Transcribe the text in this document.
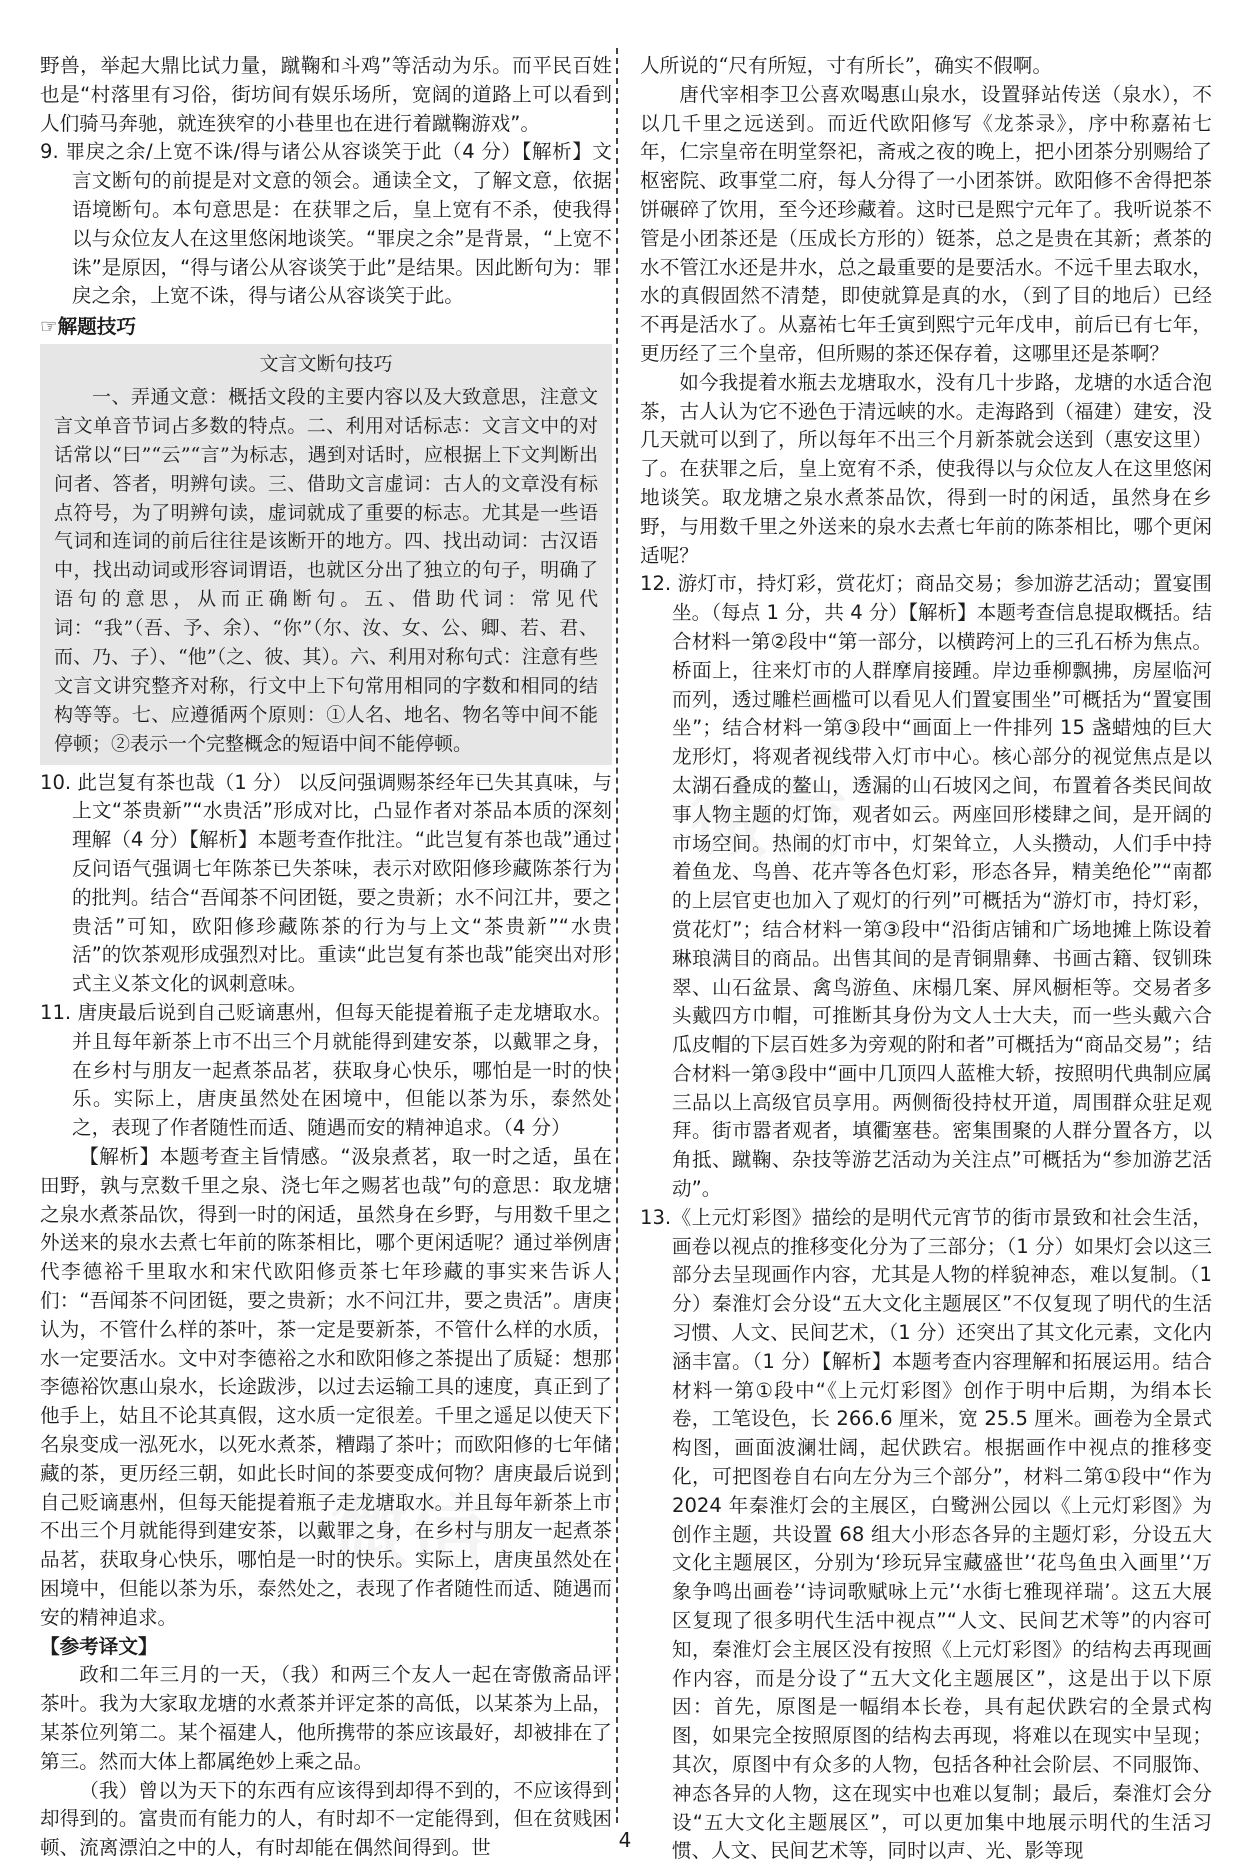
微信
微信

野兽，举起大鼎比试力量，蹴鞠和斗鸡”等活动为乐。而平民百姓也是“村落里有习俗，街坊间有娱乐场所，宽阔的道路上可以看到人们骑马奔驰，就连狭窄的小巷里也在进行着蹴鞠游戏”。

9. 罪戾之余/上宽不诛/得与诸公从容谈笑于此（4 分）【解析】文言文断句的前提是对文意的领会。通读全文，了解文意，依据语境断句。本句意思是：在获罪之后，皇上宽有不杀，使我得以与众位友人在这里悠闲地谈笑。“罪戾之余”是背景，“上宽不诛”是原因，“得与诸公从容谈笑于此”是结果。因此断句为：罪戾之余，上宽不诛，得与诸公从容谈笑于此。

☞解题技巧
文言文断句技巧

一、弄通文意：概括文段的主要内容以及大致意思，注意文言文单音节词占多数的特点。二、利用对话标志：文言文中的对话常以“曰”“云”“言”为标志，遇到对话时，应根据上下文判断出问者、答者，明辨句读。三、借助文言虚词：古人的文章没有标点符号，为了明辨句读，虚词就成了重要的标志。尤其是一些语气词和连词的前后往往是该断开的地方。四、找出动词：古汉语中，找出动词或形容词谓语，也就区分出了独立的句子，明确了语句的意思，从而正确断句。五、借助代词：常见代词：“我”（吾、予、余）、“你”（尔、汝、女、公、卿、若、君、而、乃、子）、“他”（之、彼、其）。六、利用对称句式：注意有些文言文讲究整齐对称，行文中上下句常用相同的字数和相同的结构等等。七、应遵循两个原则：①人名、地名、物名等中间不能停顿；②表示一个完整概念的短语中间不能停顿。

10. 此岂复有茶也哉（1 分） 以反问强调赐茶经年已失其真味，与上文“茶贵新”“水贵活”形成对比，凸显作者对茶品本质的深刻理解（4 分）【解析】本题考查作批注。“此岂复有茶也哉”通过反问语气强调七年陈茶已失茶味，表示对欧阳修珍藏陈茶行为的批判。结合“吾闻茶不问团铤，要之贵新；水不问江井，要之贵活”可知，欧阳修珍藏陈茶的行为与上文“茶贵新”“水贵活”的饮茶观形成强烈对比。重读“此岂复有茶也哉”能突出对形式主义茶文化的讽刺意味。

11. 唐庚最后说到自己贬谪惠州，但每天能提着瓶子走龙塘取水。并且每年新茶上市不出三个月就能得到建安茶，以戴罪之身，在乡村与朋友一起煮茶品茗，获取身心快乐，哪怕是一时的快乐。实际上，唐庚虽然处在困境中，但能以茶为乐，泰然处之，表现了作者随性而适、随遇而安的精神追求。（4 分）

【解析】本题考查主旨情感。“汲泉煮茗，取一时之适，虽在田野，孰与烹数千里之泉、浇七年之赐茗也哉”句的意思：取龙塘之泉水煮茶品饮，得到一时的闲适，虽然身在乡野，与用数千里之外送来的泉水去煮七年前的陈茶相比，哪个更闲适呢？通过举例唐代李德裕千里取水和宋代欧阳修贡茶七年珍藏的事实来告诉人们：“吾闻茶不问团铤，要之贵新；水不问江井，要之贵活”。唐庚认为，不管什么样的茶叶，茶一定是要新茶，不管什么样的水质，水一定要活水。文中对李德裕之水和欧阳修之茶提出了质疑：想那李德裕饮惠山泉水，长途跋涉，以过去运输工具的速度，真正到了他手上，姑且不论其真假，这水质一定很差。千里之遥足以使天下名泉变成一泓死水，以死水煮茶，糟蹋了茶叶；而欧阳修的七年储藏的茶，更历经三朝，如此长时间的茶要变成何物？唐庚最后说到自己贬谪惠州，但每天能提着瓶子走龙塘取水。并且每年新茶上市不出三个月就能得到建安茶，以戴罪之身，在乡村与朋友一起煮茶品茗，获取身心快乐，哪怕是一时的快乐。实际上，唐庚虽然处在困境中，但能以茶为乐，泰然处之，表现了作者随性而适、随遇而安的精神追求。

【参考译文】

政和二年三月的一天，（我）和两三个友人一起在寄傲斋品评茶叶。我为大家取龙塘的水煮茶并评定茶的高低，以某茶为上品，某茶位列第二。某个福建人，他所携带的茶应该最好，却被排在了第三。然而大体上都属绝妙上乘之品。

（我）曾以为天下的东西有应该得到却得不到的，不应该得到却得到的。富贵而有能力的人，有时却不一定能得到，但在贫贱困顿、流离漂泊之中的人，有时却能在偶然间得到。世

人所说的“尺有所短，寸有所长”，确实不假啊。

唐代宰相李卫公喜欢喝惠山泉水，设置驿站传送（泉水），不以几千里之远送到。而近代欧阳修写《龙茶录》，序中称嘉祐七年，仁宗皇帝在明堂祭祀，斋戒之夜的晚上，把小团茶分别赐给了枢密院、政事堂二府，每人分得了一小团茶饼。欧阳修不舍得把茶饼碾碎了饮用，至今还珍藏着。这时已是熙宁元年了。我听说茶不管是小团茶还是（压成长方形的）铤茶，总之是贵在其新；煮茶的水不管江水还是井水，总之最重要的是要活水。不远千里去取水，水的真假固然不清楚，即使就算是真的水，（到了目的地后）已经不再是活水了。从嘉祐七年壬寅到熙宁元年戊申，前后已有七年，更历经了三个皇帝，但所赐的茶还保存着，这哪里还是茶啊？

如今我提着水瓶去龙塘取水，没有几十步路，龙塘的水适合泡茶，古人认为它不逊色于清远峡的水。走海路到（福建）建安，没几天就可以到了，所以每年不出三个月新茶就会送到（惠安这里）了。在获罪之后，皇上宽宥不杀，使我得以与众位友人在这里悠闲地谈笑。取龙塘之泉水煮茶品饮，得到一时的闲适，虽然身在乡野，与用数千里之外送来的泉水去煮七年前的陈茶相比，哪个更闲适呢？

12. 游灯市，持灯彩，赏花灯；商品交易；参加游艺活动；置宴围坐。（每点 1 分，共 4 分）【解析】本题考查信息提取概括。结合材料一第②段中“第一部分，以横跨河上的三孔石桥为焦点。桥面上，往来灯市的人群摩肩接踵。岸边垂柳飘拂，房屋临河而列，透过雕栏画槛可以看见人们置宴围坐”可概括为“置宴围坐”；结合材料一第③段中“画面上一件排列 15 盏蜡烛的巨大龙形灯，将观者视线带入灯市中心。核心部分的视觉焦点是以太湖石叠成的鳌山，透漏的山石坡冈之间，布置着各类民间故事人物主题的灯饰，观者如云。两座回形楼肆之间，是开阔的市场空间。热闹的灯市中，灯架耸立，人头攒动，人们手中持着鱼龙、鸟兽、花卉等各色灯彩，形态各异，精美绝伦”“南都的上层官吏也加入了观灯的行列”可概括为“游灯市，持灯彩，赏花灯”；结合材料一第③段中“沿街店铺和广场地摊上陈设着琳琅满目的商品。出售其间的是青铜鼎彝、书画古籍、钗钏珠翠、山石盆景、禽鸟游鱼、床榻几案、屏风橱柜等。交易者多头戴四方巾帽，可推断其身份为文人士大夫，而一些头戴六合瓜皮帽的下层百姓多为旁观的附和者”可概括为“商品交易”；结合材料一第③段中“画中几顶四人蓝椎大轿，按照明代典制应属三品以上高级官员享用。两侧衙役持杖开道，周围群众驻足观拜。街市嚣者观者，填衢塞巷。密集围聚的人群分置各方，以角抵、蹴鞠、杂技等游艺活动为关注点”可概括为“参加游艺活动”。

13.《上元灯彩图》描绘的是明代元宵节的街市景致和社会生活，画卷以视点的推移变化分为了三部分；（1 分）如果灯会以这三部分去呈现画作内容，尤其是人物的样貌神态，难以复制。（1 分）秦淮灯会分设“五大文化主题展区”不仅复现了明代的生活习惯、人文、民间艺术，（1 分）还突出了其文化元素，文化内涵丰富。（1 分）【解析】本题考查内容理解和拓展运用。结合材料一第①段中“《上元灯彩图》创作于明中后期，为绢本长卷，工笔设色，长 266.6 厘米，宽 25.5 厘米。画卷为全景式构图，画面波澜壮阔，起伏跌宕。根据画作中视点的推移变化，可把图卷自右向左分为三个部分”，材料二第①段中“作为 2024 年秦淮灯会的主展区，白鹭洲公园以《上元灯彩图》为创作主题，共设置 68 组大小形态各异的主题灯彩，分设五大文化主题展区，分别为‘珍玩异宝藏盛世’‘花鸟鱼虫入画里’‘万象争鸣出画卷’‘诗词歌赋咏上元’‘水街七雅现祥瑞’。这五大展区复现了很多明代生活中视点”“人文、民间艺术等”的内容可知，秦淮灯会主展区没有按照《上元灯彩图》的结构去再现画作内容，而是分设了“五大文化主题展区”，这是出于以下原因：首先，原图是一幅绢本长卷，具有起伏跌宕的全景式构图，如果完全按照原图的结构去再现，将难以在现实中呈现；其次，原图中有众多的人物，包括各种社会阶层、不同服饰、神态各异的人物，这在现实中也难以复制；最后，秦淮灯会分设“五大文化主题展区”，可以更加集中地展示明代的生活习惯、人文、民间艺术等，同时以声、光、影等现

4
